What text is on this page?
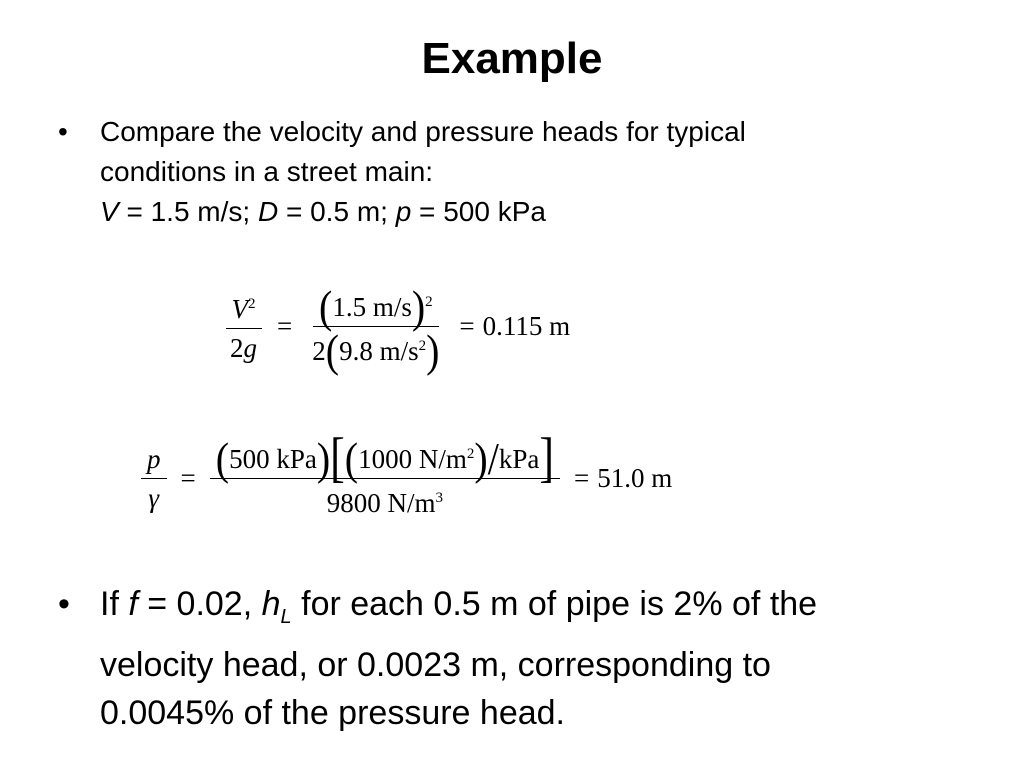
Example
•	Compare the velocity and pressure heads for typical
conditions in a street main:
V = 1.5 m/s; D = 0.5 m; p = 500 kPa
$\frac{V^2}{2g} = \frac{(1.5 m/s)^2}{2(9.8 m/s^2)} = 0.115$ m
$\frac{p}{\gamma} = \frac{(500 kPa)[(1000 N/m^2)/kPa]}{9800 N/m^3} = 51.0$ m
• If f = 0.02, $h_L$ for each 0.5 m of pipe is 2% of the
velocity head, or 0.0023 m, corresponding to
0.0045% of the pressure head.
